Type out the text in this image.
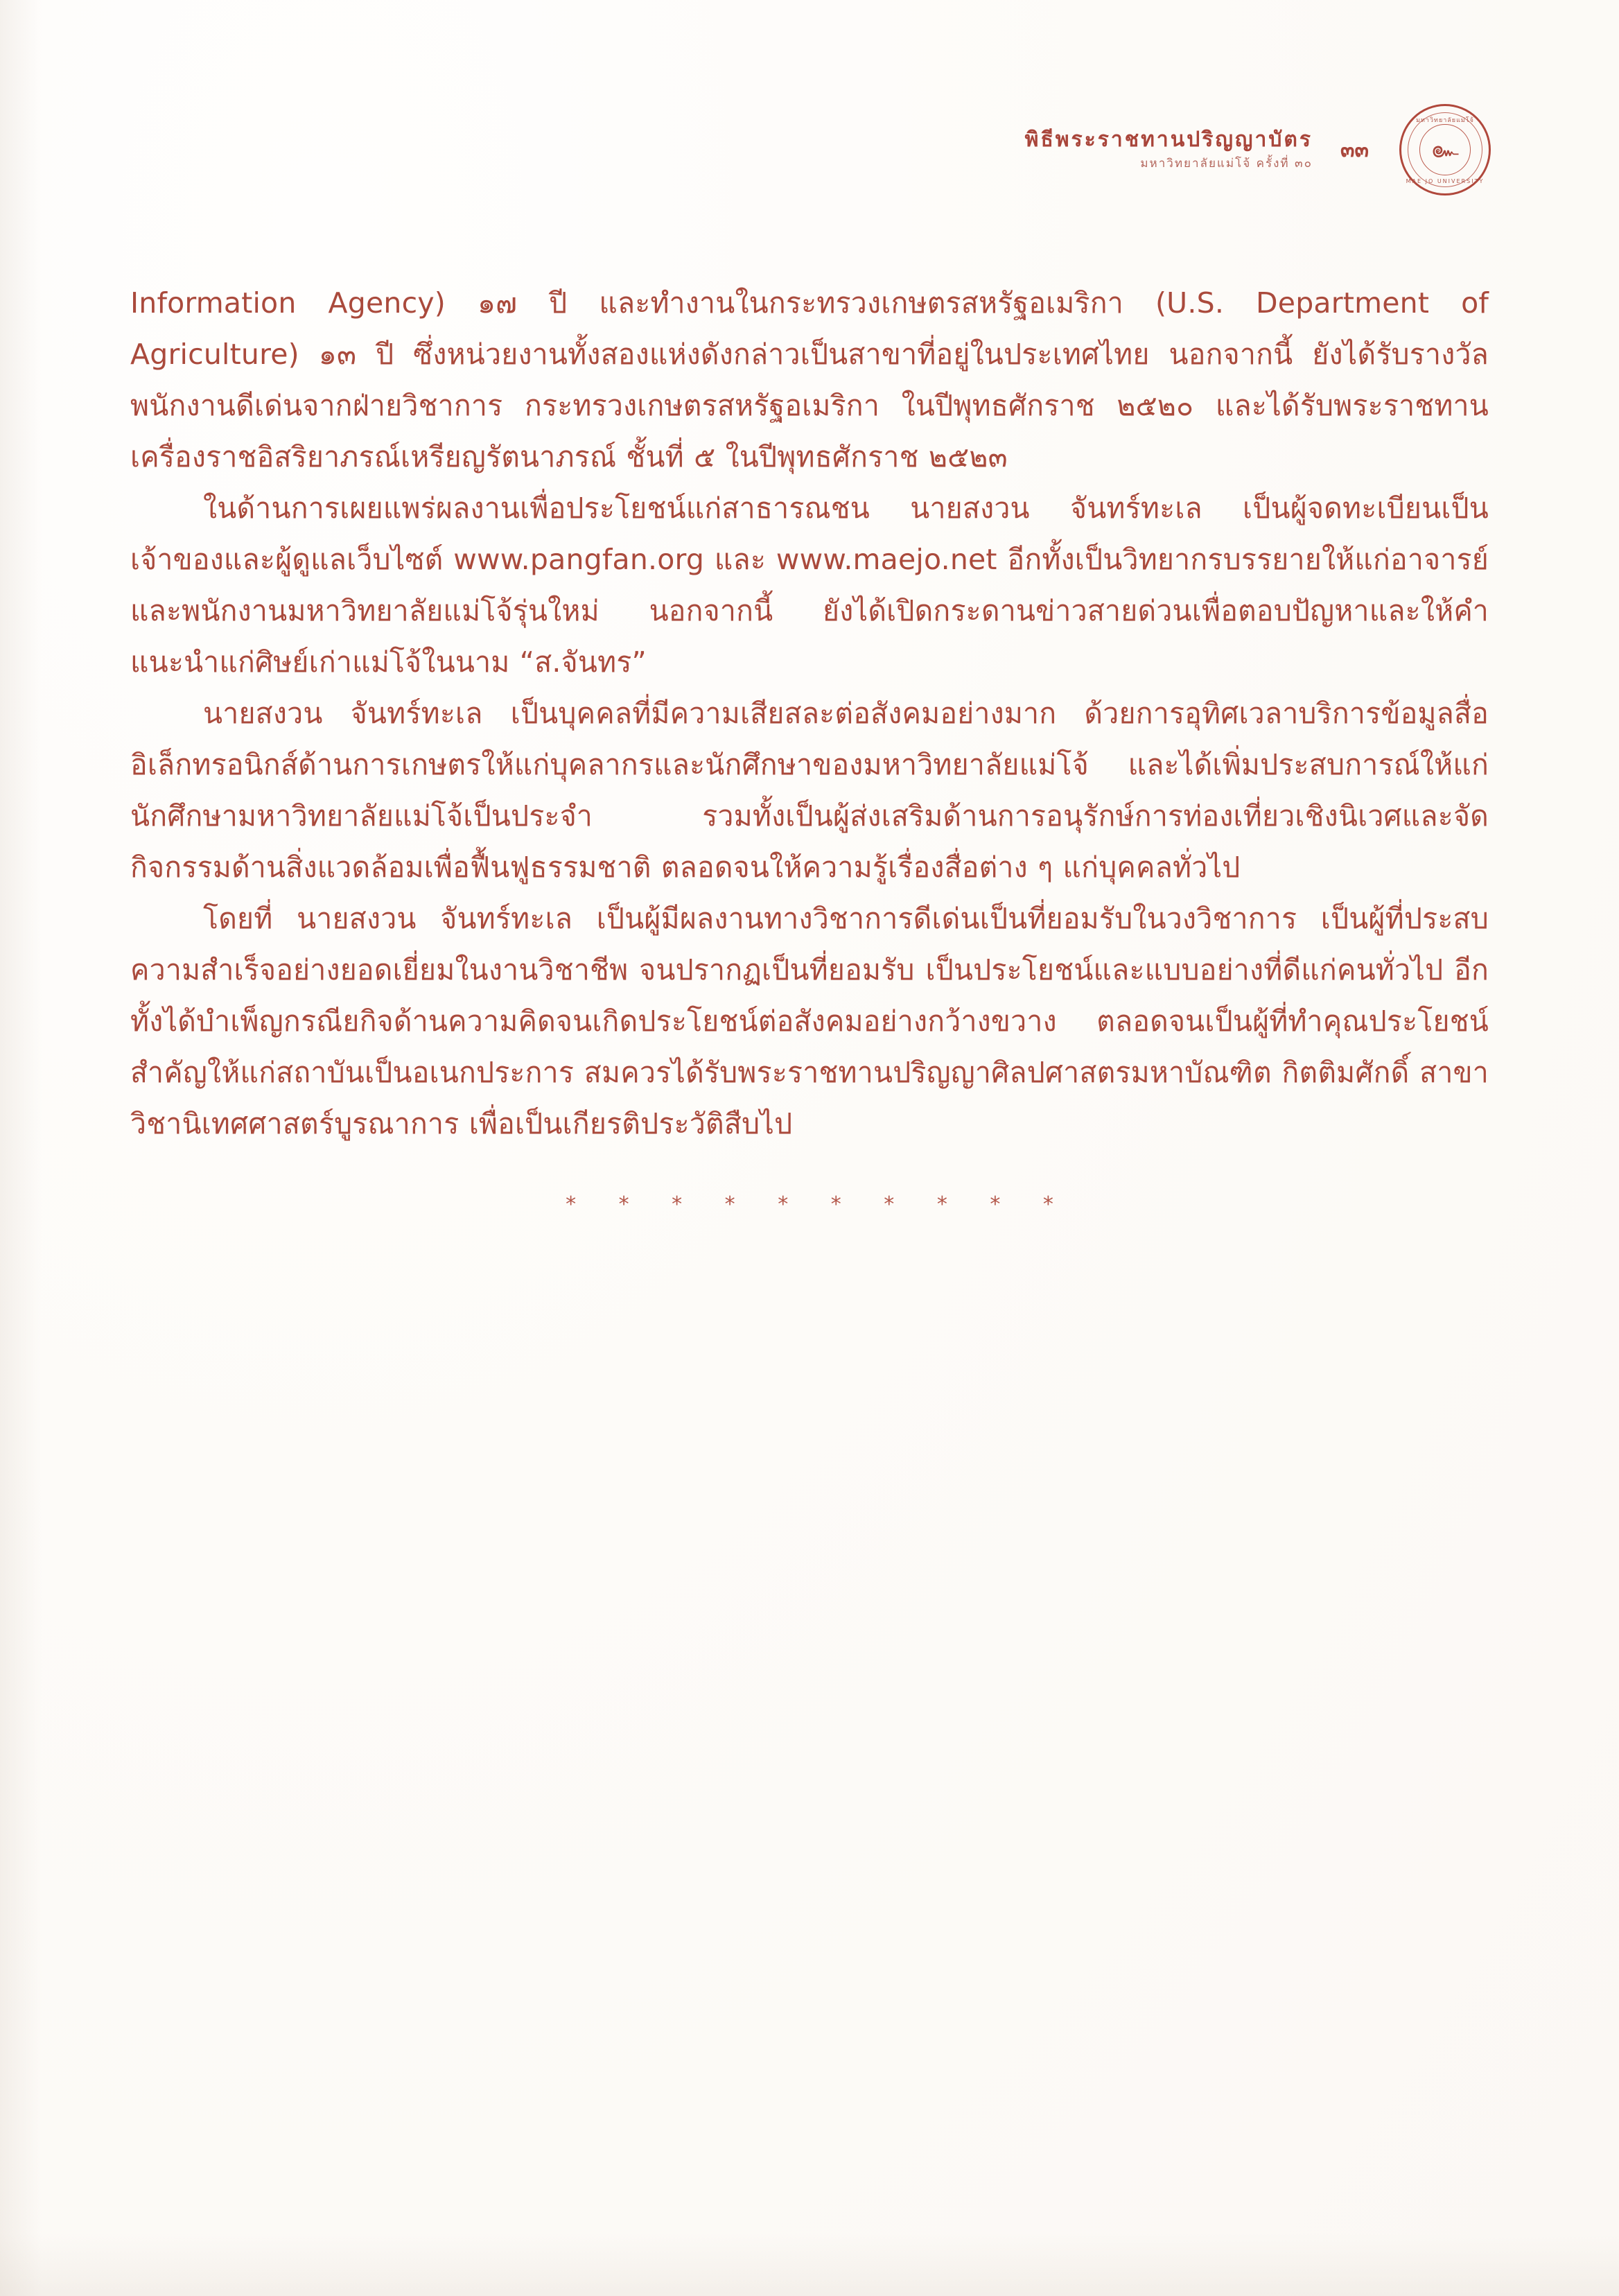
พิธีพระราชทานปริญญาบัตร
มหาวิทยาลัยแม่โจ้ ครั้งที่ ๓๐
๓๓
มหาวิทยาลัยแม่โจ้
๛
MAE JO UNIVERSITY

Information Agency) ๑๗ ปี และทำงานในกระทรวงเกษตรสหรัฐอเมริกา (U.S. Department of Agriculture) ๑๓ ปี ซึ่งหน่วยงานทั้งสองแห่งดังกล่าวเป็นสาขาที่อยู่ในประเทศไทย นอกจากนี้ ยังได้รับรางวัลพนักงานดีเด่นจากฝ่ายวิชาการ กระทรวงเกษตรสหรัฐอเมริกา ในปีพุทธศักราช ๒๕๒๐ และได้รับพระราชทานเครื่องราชอิสริยาภรณ์เหรียญรัตนาภรณ์ ชั้นที่ ๕ ในปีพุทธศักราช ๒๕๒๓

ในด้านการเผยแพร่ผลงานเพื่อประโยชน์แก่สาธารณชน นายสงวน จันทร์ทะเล เป็นผู้จดทะเบียนเป็นเจ้าของและผู้ดูแลเว็บไซต์ www.pangfan.org และ www.maejo.net อีกทั้งเป็นวิทยากรบรรยายให้แก่อาจารย์และพนักงานมหาวิทยาลัยแม่โจ้รุ่นใหม่ นอกจากนี้ ยังได้เปิดกระดานข่าวสายด่วนเพื่อตอบปัญหาและให้คำแนะนำแก่ศิษย์เก่าแม่โจ้ในนาม “ส.จันทร”

นายสงวน จันทร์ทะเล เป็นบุคคลที่มีความเสียสละต่อสังคมอย่างมาก ด้วยการอุทิศเวลาบริการข้อมูลสื่ออิเล็กทรอนิกส์ด้านการเกษตรให้แก่บุคลากรและนักศึกษาของมหาวิทยาลัยแม่โจ้ และได้เพิ่มประสบการณ์ให้แก่นักศึกษามหาวิทยาลัยแม่โจ้เป็นประจำ รวมทั้งเป็นผู้ส่งเสริมด้านการอนุรักษ์การท่องเที่ยวเชิงนิเวศและจัดกิจกรรมด้านสิ่งแวดล้อมเพื่อฟื้นฟูธรรมชาติ ตลอดจนให้ความรู้เรื่องสื่อต่าง ๆ แก่บุคคลทั่วไป

โดยที่ นายสงวน จันทร์ทะเล เป็นผู้มีผลงานทางวิชาการดีเด่นเป็นที่ยอมรับในวงวิชาการ เป็นผู้ที่ประสบความสำเร็จอย่างยอดเยี่ยมในงานวิชาชีพ จนปรากฏเป็นที่ยอมรับ เป็นประโยชน์และแบบอย่างที่ดีแก่คนทั่วไป อีกทั้งได้บำเพ็ญกรณียกิจด้านความคิดจนเกิดประโยชน์ต่อสังคมอย่างกว้างขวาง ตลอดจนเป็นผู้ที่ทำคุณประโยชน์สำคัญให้แก่สถาบันเป็นอเนกประการ สมควรได้รับพระราชทานปริญญาศิลปศาสตรมหาบัณฑิต กิตติมศักดิ์ สาขาวิชานิเทศศาสตร์บูรณาการ เพื่อเป็นเกียรติประวัติสืบไป

* * * * * * * * * *
